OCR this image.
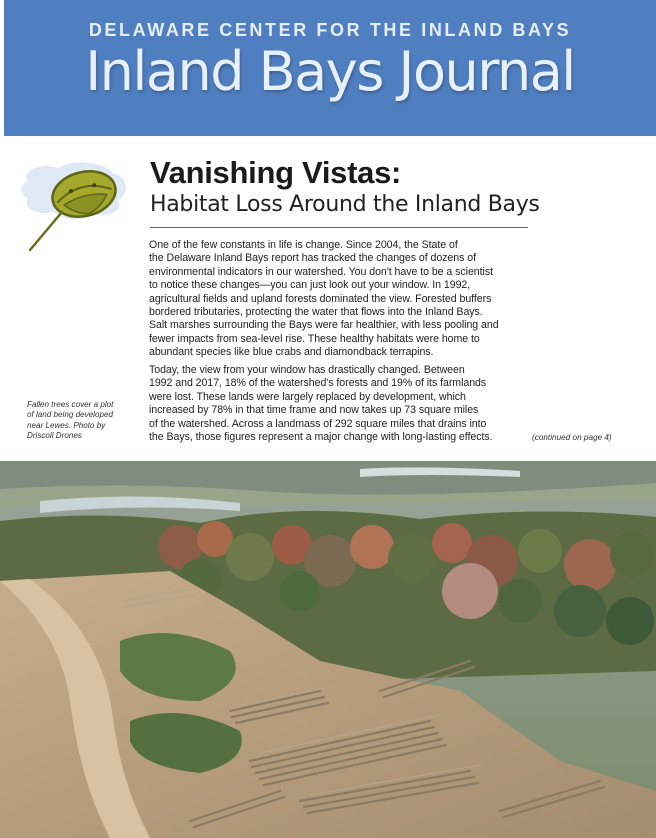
DELAWARE CENTER FOR THE INLAND BAYS
Inland Bays Journal
Vanishing Vistas:
Habitat Loss Around the Inland Bays
One of the few constants in life is change. Since 2004, the State of
the Delaware Inland Bays report has tracked the changes of dozens of
environmental indicators in our watershed. You don't have to be a scientist
to notice these changes—you can just look out your window. In 1992,
agricultural fields and upland forests dominated the view. Forested buffers
bordered tributaries, protecting the water that flows into the Inland Bays.
Salt marshes surrounding the Bays were far healthier, with less pooling and
fewer impacts from sea-level rise. These healthy habitats were home to
abundant species like blue crabs and diamondback terrapins.
Today, the view from your window has drastically changed. Between
1992 and 2017, 18% of the watershed's forests and 19% of its farmlands
were lost. These lands were largely replaced by development, which
increased by 78% in that time frame and now takes up 73 square miles
of the watershed. Across a landmass of 292 square miles that drains into
the Bays, those figures represent a major change with long-lasting effects.
Fallen trees cover a plot
of land being developed
near Lewes. Photo by
Driscoll Drones	(continued on page 4)
